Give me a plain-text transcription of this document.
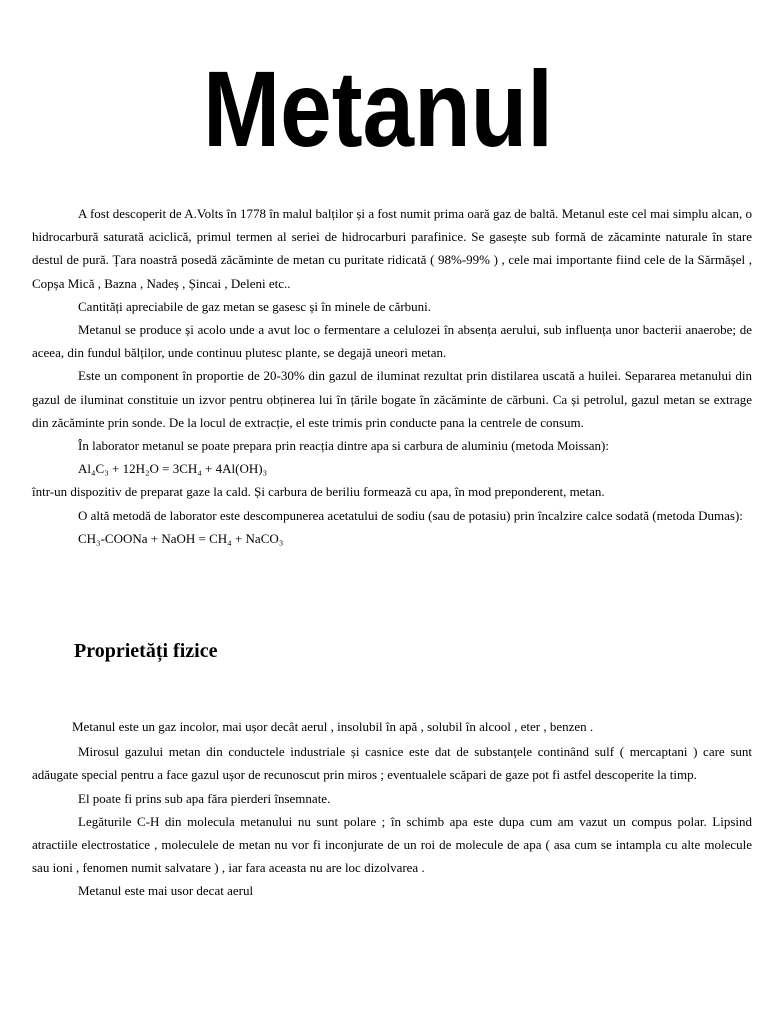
Metanul

A fost descoperit de A.Volts în 1778 în malul balților și a fost numit prima oară gaz de baltă. Metanul este cel mai simplu alcan, o hidrocarbură saturată aciclică, primul termen al seriei de hidrocarburi parafinice. Se gasește sub formă de zăcaminte naturale în stare destul de pură. Țara noastră posedă zăcăminte de metan cu puritate ridicată ( 98%-99% ) , cele mai importante fiind cele de la Sărmășel , Copșa Mică , Bazna , Nadeș , Șincai , Deleni etc..

Cantități apreciabile de gaz metan se gasesc și în minele de cărbuni.

Metanul se produce și acolo unde a avut loc o fermentare a celulozei în absența aerului, sub influența unor bacterii anaerobe; de aceea, din fundul bălților, unde continuu plutesc plante, se degajă uneori metan.

Este un component în proportie de 20-30% din gazul de iluminat rezultat prin distilarea uscată a huilei. Separarea metanului din gazul de iluminat constituie un izvor pentru obținerea lui în țările bogate în zăcăminte de cărbuni. Ca și petrolul, gazul metan se extrage din zăcăminte prin sonde. De la locul de extracție, el este trimis prin conducte pana la centrele de consum.

În laborator metanul se poate prepara prin reacția dintre apa si carbura de aluminiu (metoda Moissan):

Al₄C₃ + 12H₂O = 3CH₄ + 4Al(OH)₃

într-un dispozitiv de preparat gaze la cald. Și carbura de beriliu formează cu apa, în mod preponderent, metan.

O altă metodă de laborator este descompunerea acetatului de sodiu (sau de potasiu) prin încalzire calce sodată (metoda Dumas):

CH₃-COONa + NaOH = CH₄ + NaCO₃

Proprietăți fizice

Metanul este un gaz incolor, mai ușor decât aerul , insolubil în apă , solubil în alcool , eter , benzen .

Mirosul gazului metan din conductele industriale și casnice este dat de substanțele continând sulf ( mercaptani ) care sunt adăugate special pentru a face gazul ușor de recunoscut prin miros ; eventualele scăpari de gaze pot fi astfel descoperite la timp.

El poate fi prins sub apa fǎra pierderi însemnate.

Legăturile C-H din molecula metanului nu sunt polare ; în schimb apa este dupa cum am vazut un compus polar. Lipsind atractiile electrostatice , moleculele de metan nu vor fi inconjurate de un roi de molecule de apa ( asa cum se intampla cu alte molecule sau ioni , fenomen numit salvatare ) , iar fara aceasta nu are loc dizolvarea .

Metanul este mai usor decat aerul
